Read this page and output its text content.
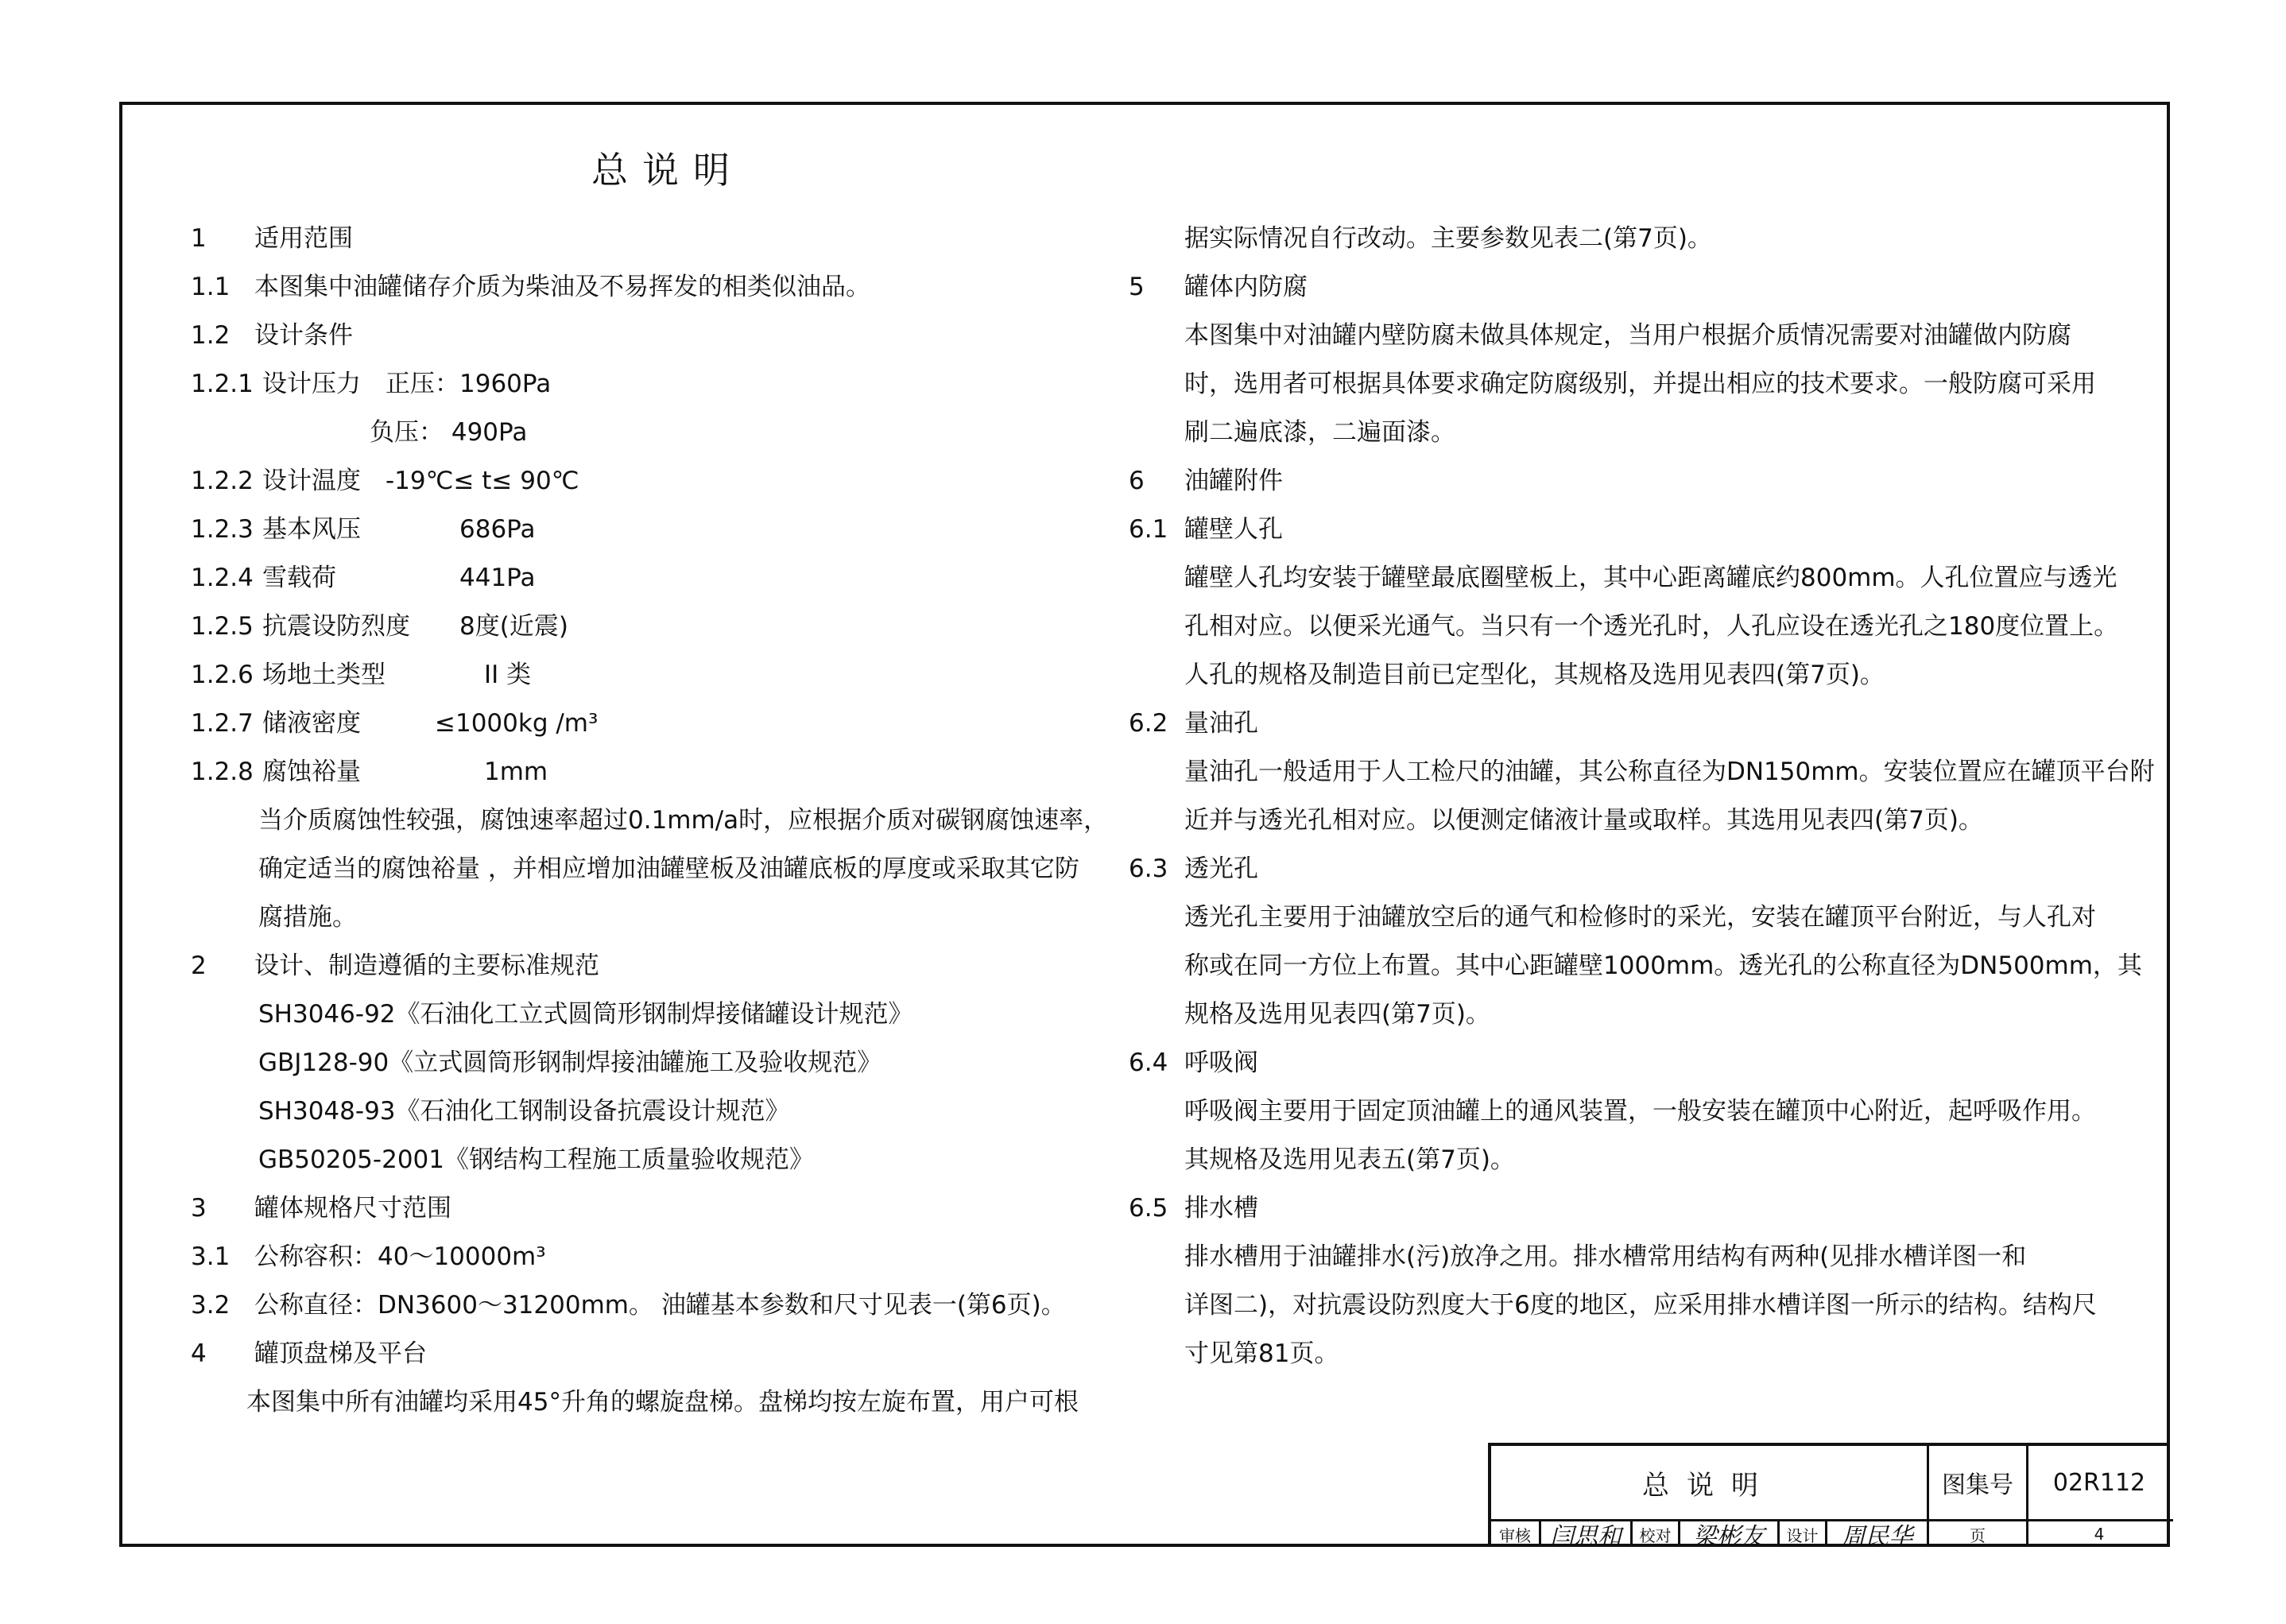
总说明
1 适用范围
1.1 本图集中油罐储存介质为柴油及不易挥发的相类似油品。
1.2 设计条件
1.2.1 设计压力　正压：1960Pa
负压： 490Pa
1.2.2 设计温度　-19℃≤ t≤ 90℃
1.2.3 基本风压　　　　686Pa
1.2.4 雪载荷　　　　　441Pa
1.2.5 抗震设防烈度　　8度(近震)
1.2.6 场地土类型　　　　II 类
1.2.7 储液密度　　　≤1000kg /m³
1.2.8 腐蚀裕量　　　　　1mm
当介质腐蚀性较强，腐蚀速率超过0.1mm/a时，应根据介质对碳钢腐蚀速率，
确定适当的腐蚀裕量 ，并相应增加油罐壁板及油罐底板的厚度或采取其它防
腐措施。
2 设计、制造遵循的主要标准规范
SH3046-92《石油化工立式圆筒形钢制焊接储罐设计规范》
GBJ128-90《立式圆筒形钢制焊接油罐施工及验收规范》
SH3048-93《石油化工钢制设备抗震设计规范》
GB50205-2001《钢结构工程施工质量验收规范》
3 罐体规格尺寸范围
3.1 公称容积：40～10000m³
3.2 公称直径：DN3600～31200mm。 油罐基本参数和尺寸见表一(第6页)。
4 罐顶盘梯及平台
本图集中所有油罐均采用45°升角的螺旋盘梯。盘梯均按左旋布置，用户可根
据实际情况自行改动。主要参数见表二(第7页)。
5 罐体内防腐
本图集中对油罐内壁防腐未做具体规定，当用户根据介质情况需要对油罐做内防腐
时，选用者可根据具体要求确定防腐级别，并提出相应的技术要求。一般防腐可采用
刷二遍底漆，二遍面漆。
6 油罐附件
6.1 罐壁人孔
罐壁人孔均安装于罐壁最底圈壁板上，其中心距离罐底约800mm。人孔位置应与透光
孔相对应。以便采光通气。当只有一个透光孔时，人孔应设在透光孔之180度位置上。
人孔的规格及制造目前已定型化，其规格及选用见表四(第7页)。
6.2 量油孔
量油孔一般适用于人工检尺的油罐，其公称直径为DN150mm。安装位置应在罐顶平台附
近并与透光孔相对应。以便测定储液计量或取样。其选用见表四(第7页)。
6.3 透光孔
透光孔主要用于油罐放空后的通气和检修时的采光，安装在罐顶平台附近，与人孔对
称或在同一方位上布置。其中心距罐壁1000mm。透光孔的公称直径为DN500mm，其
规格及选用见表四(第7页)。
6.4 呼吸阀
呼吸阀主要用于固定顶油罐上的通风装置，一般安装在罐顶中心附近，起呼吸作用。
其规格及选用见表五(第7页)。
6.5 排水槽
排水槽用于油罐排水(污)放净之用。排水槽常用结构有两种(见排水槽详图一和
详图二)，对抗震设防烈度大于6度的地区，应采用排水槽详图一所示的结构。结构尺
寸见第81页。
总说明	图集号	02R112
审核 闫思和	校对 梁彬友	设计 周民华	页	4
